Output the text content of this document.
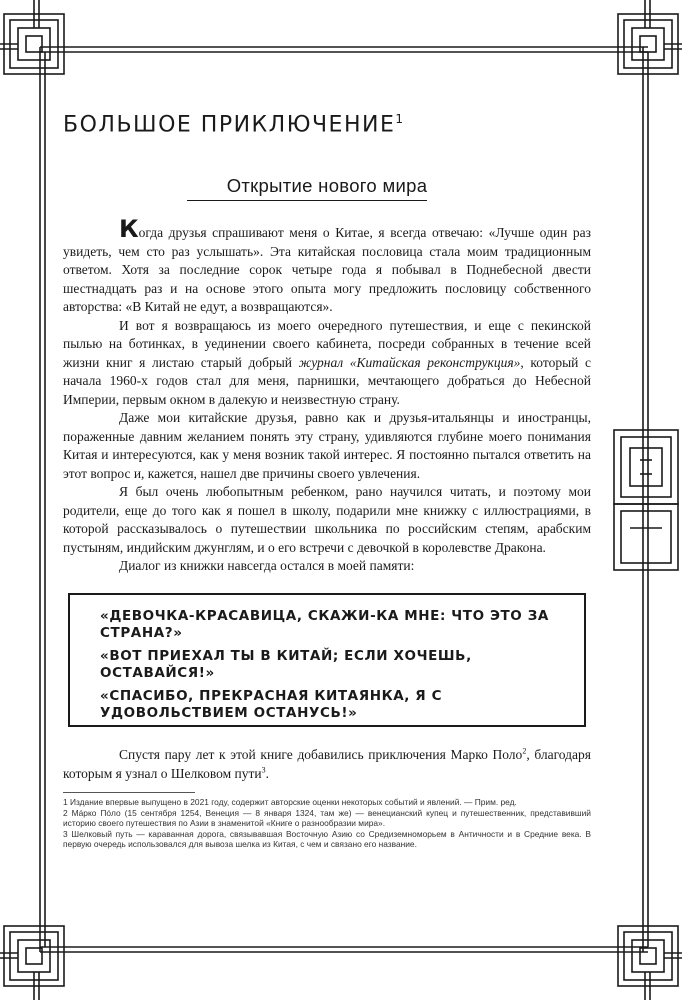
БОЛЬШОЕ ПРИКЛЮЧЕНИЕ$^1$
Открытие нового мира

Когда друзья спрашивают меня о Китае, я всегда отвечаю: «Лучше один раз увидеть, чем сто раз услышать». Эта китайская пословица стала моим традиционным ответом. Хотя за последние сорок четыре года я побывал в Поднебесной двести шестнадцать раз и на основе этого опыта могу предложить пословицу собственного авторства: «В Китай не едут, а возвращаются».

И вот я возвращаюсь из моего очередного путешествия, и еще с пекинской пылью на ботинках, в уединении своего кабинета, посреди собранных в течение всей жизни книг я листаю старый добрый журнал «Китайская реконструкция», который с начала 1960-х годов стал для меня, парнишки, мечтающего добраться до Небесной Империи, первым окном в далекую и неизвестную страну.

Даже мои китайские друзья, равно как и друзья-итальянцы и иностранцы, пораженные давним желанием понять эту страну, удивляются глубине моего понимания Китая и интересуются, как у меня возник такой интерес. Я постоянно пытался ответить на этот вопрос и, кажется, нашел две причины своего увлечения.

Я был очень любопытным ребенком, рано научился читать, и поэтому мои родители, еще до того как я пошел в школу, подарили мне книжку с иллюстрациями, в которой рассказывалось о путешествии школьника по российским степям, арабским пустыням, индийским джунглям, и о его встречи с девочкой в королевстве Дракона.

Диалог из книжки навсегда остался в моей памяти:

«ДЕВОЧКА-КРАСАВИЦА, СКАЖИ-КА МНЕ: ЧТО ЭТО ЗА СТРАНА?»

«ВОТ ПРИЕХАЛ ТЫ В КИТАЙ; ЕСЛИ ХОЧЕШЬ, ОСТАВАЙСЯ!»

«СПАСИБО, ПРЕКРАСНАЯ КИТАЯНКА, Я С УДОВОЛЬСТВИЕМ ОСТАНУСЬ!»

Спустя пару лет к этой книге добавились приключения Марко Поло$^2$, благодаря которым я узнал о Шелковом пути$^3$.

1 Издание впервые выпущено в 2021 году, содержит авторские оценки некоторых событий и явлений. — Прим. ред.

2 Мáрко Пóло (15 сентября 1254, Венеция — 8 января 1324, там же) — венецианский купец и путешественник, представивший историю своего путешествия по Азии в знаменитой «Книге о разнообразии мира».

3 Шелковый путь — караванная дорога, связывавшая Восточную Азию со Средиземноморьем в Античности и в Средние века. В первую очередь использовался для вывоза шелка из Китая, с чем и связано его название.
